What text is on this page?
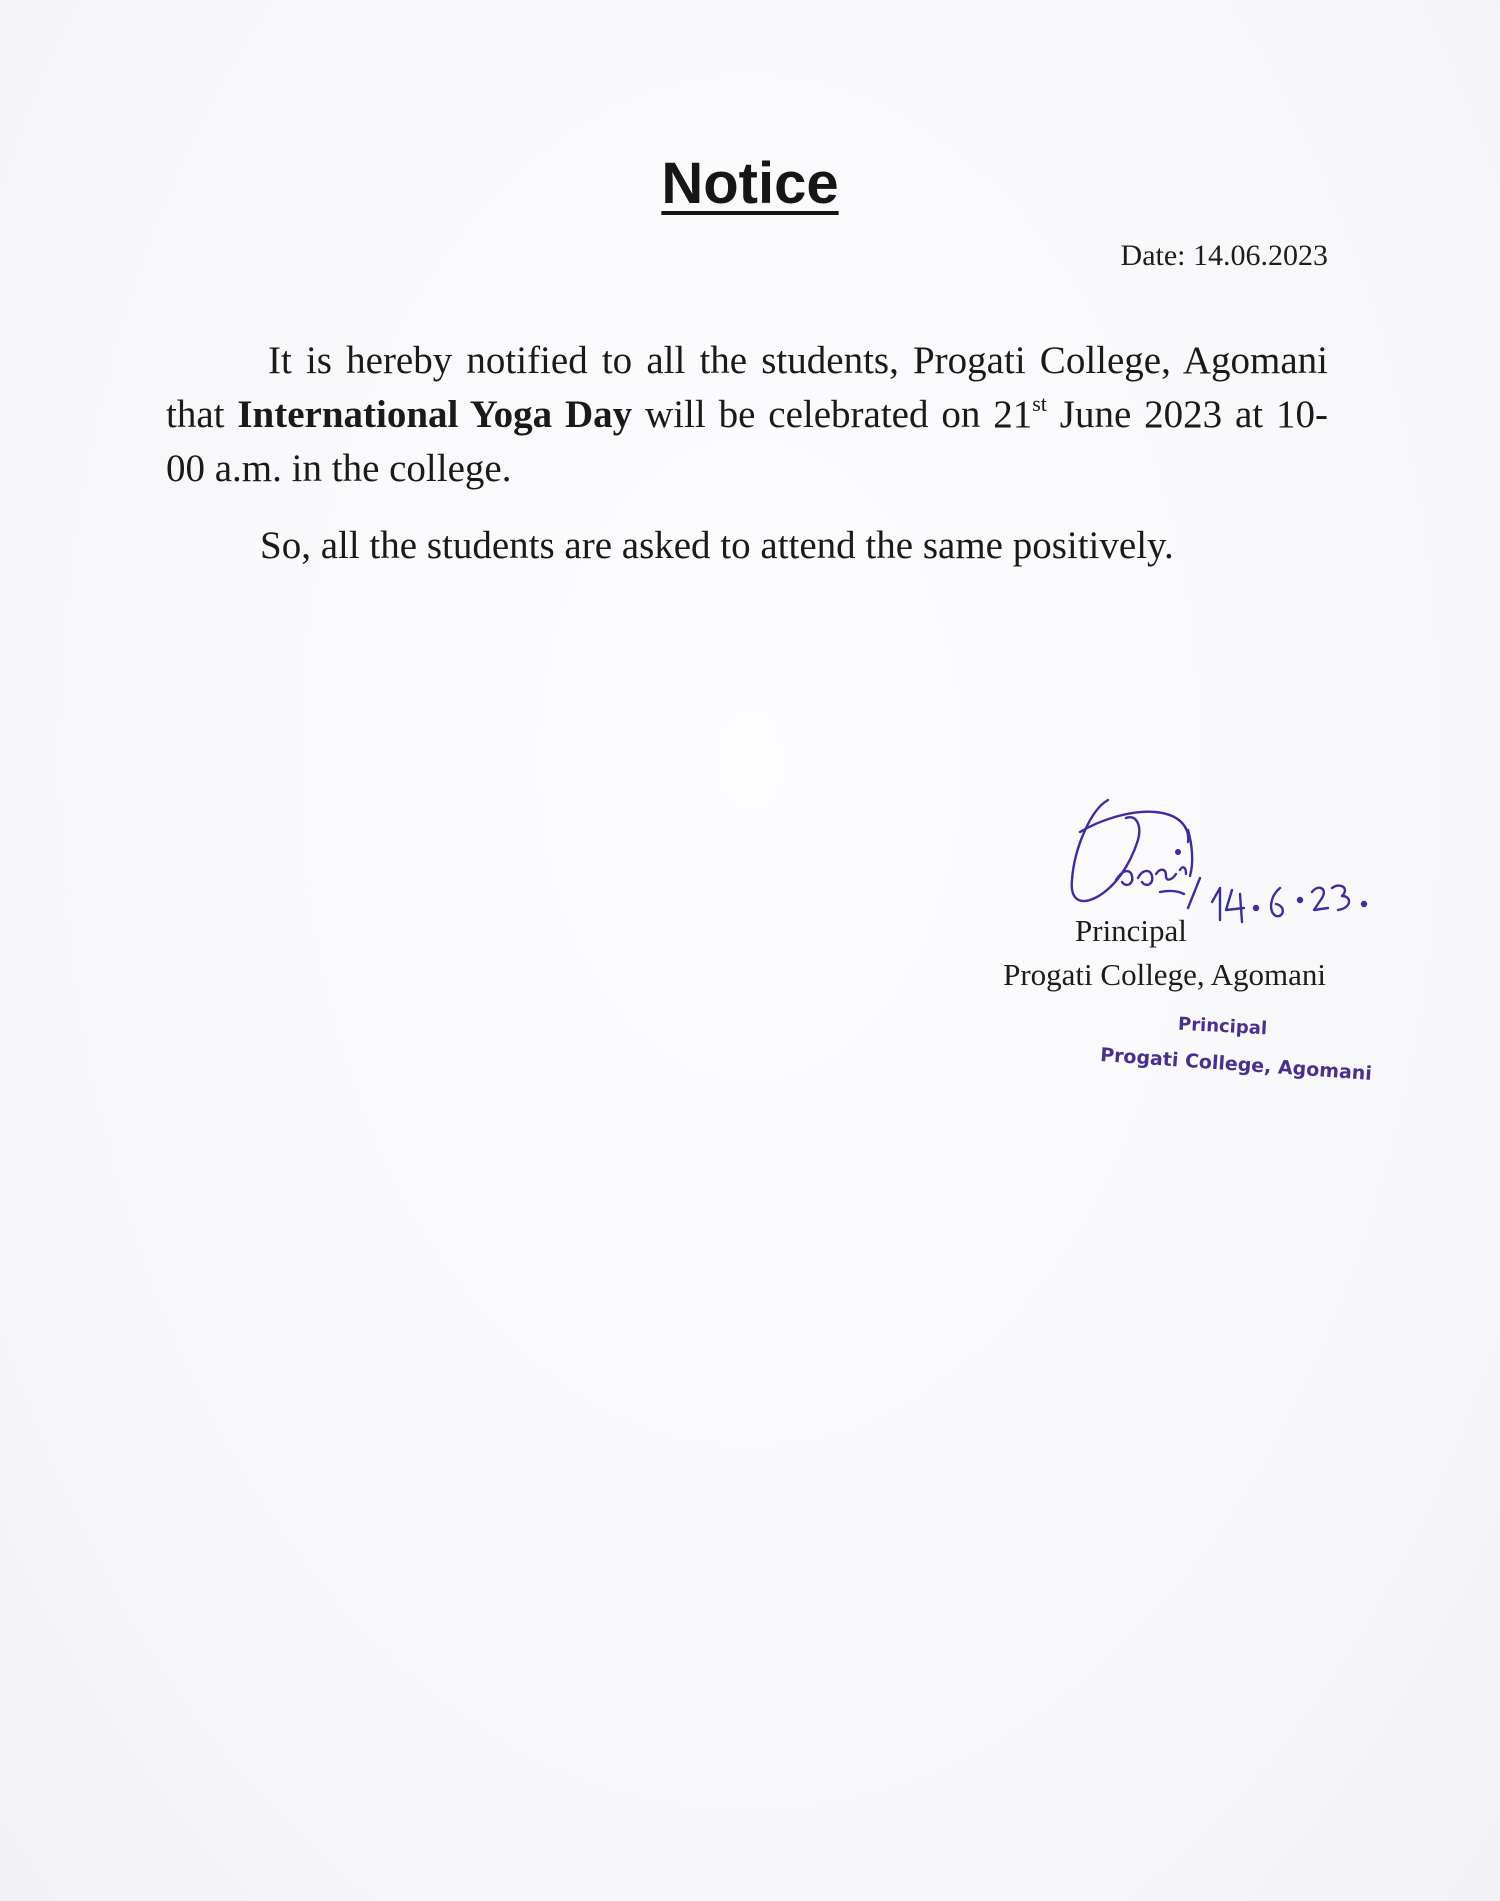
Notice
Date: 14.06.2023
It is hereby notified to all the students, Progati College, Agomani that International Yoga Day will be celebrated on 21st June 2023 at 10-00 a.m. in the college.
So, all the students are asked to attend the same positively.
Principal
Progati College, Agomani
Principal
Progati College, Agomani
